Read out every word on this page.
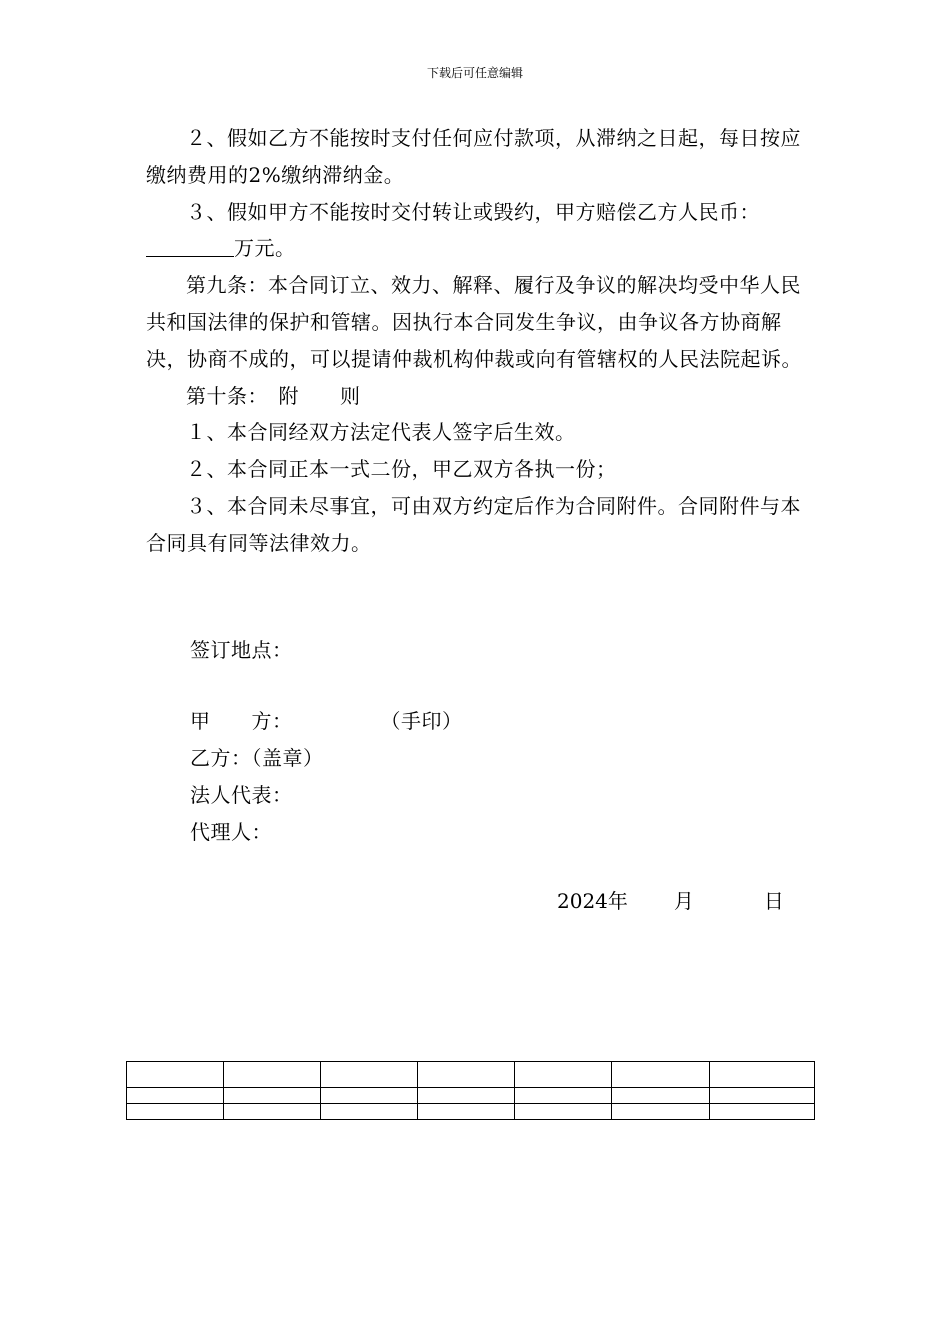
下载后可任意编辑

２、假如乙方不能按时支付任何应付款项，从滞纳之日起，每日按应缴纳费用的2%缴纳滞纳金。

３、假如甲方不能按时交付转让或毁约，甲方赔偿乙方人民币：

万元。

第九条：本合同订立、效力、解释、履行及争议的解决均受中华人民共和国法律的保护和管辖。因执行本合同发生争议，由争议各方协商解决，协商不成的，可以提请仲裁机构仲裁或向有管辖权的人民法院起诉。

第十条：　附　　则

１、本合同经双方法定代表人签字后生效。

２、本合同正本一式二份，甲乙双方各执一份；

３、本合同未尽事宜，可由双方约定后作为合同附件。合同附件与本合同具有同等法律效力。

签订地点：
甲　　方：	（手印）
乙方：（盖章）
法人代表：
代理人：
2024年 月	日
